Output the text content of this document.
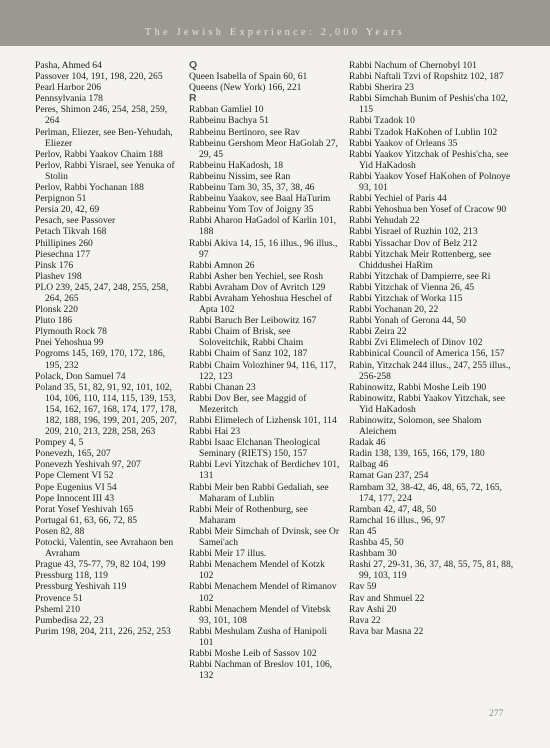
The Jewish Experience: 2,000 Years

Pasha, Ahmed 64

Passover 104, 191, 198, 220, 265

Pearl Harbor 206

Pennsylvania 178

Peres, Shimon 246, 254, 258, 259, 264

Perlman, Eliezer, see Ben-Yehudah, Eliezer

Perlov, Rabbi Yaakov Chaim 188

Perlov, Rabbi Yisrael, see Yenuka of Stolin

Perlov, Rabbi Yochanan 188

Perpignon 51

Persia 20, 42, 69

Pesach, see Passover

Petach Tikvah 168

Phillipines 260

Piesechna 177

Pinsk 176

Plashev 198

PLO 239, 245, 247, 248, 255, 258, 264, 265

Plonsk 220

Pluto 186

Plymouth Rock 78

Pnei Yehoshua 99

Pogroms 145, 169, 170, 172, 186, 195, 232

Polack, Don Samuel 74

Poland 35, 51, 82, 91, 92, 101, 102, 104, 106, 110, 114, 115, 139, 153, 154, 162, 167, 168, 174, 177, 178, 182, 188, 196, 199, 201, 205, 207, 209, 210, 213, 228, 258, 263

Pompey 4, 5

Ponevezh, 165, 207

Ponevezh Yeshivah 97, 207

Pope Clement VI 52

Pope Eugenius VI 54

Pope Innocent III 43

Porat Yosef Yeshivah 165

Portugal 61, 63, 66, 72, 85

Posen 82, 88

Potocki, Valentin, see Avrahaon ben Avraham

Prague 43, 75-77, 79, 82 104, 199

Pressburg 118, 119

Pressburg Yeshivah 119

Provence 51

Psheml 210

Pumbedisa 22, 23

Purim 198, 204, 211, 226, 252, 253

Q

Queen Isabella of Spain 60, 61

Queens (New York) 166, 221

R

Rabban Gamliel 10

Rabbeinu Bachya 51

Rabbeinu Bertinoro, see Rav

Rabbeinu Gershom Meor HaGolah 27, 29, 45

Rabbeinu HaKadosh, 18

Rabbeinu Nissim, see Ran

Rabbeinu Tam 30, 35, 37, 38, 46

Rabbeinu Yaakov, see Baal HaTurim

Rabbeinu Yom Tov of Joigny 35

Rabbi Aharon HaGadol of Karlin 101, 188

Rabbi Akiva 14, 15, 16 illus., 96 illus., 97

Rabbi Amnon 26

Rabbi Asher ben Yechiel, see Rosh

Rabbi Avraham Dov of Avritch 129

Rabbi Avraham Yehoshua Heschel of Apta 102

Rabbi Baruch Ber Leibowitz 167

Rabbi Chaim of Brisk, see Soloveitchik, Rabbi Chaim

Rabbi Chaim of Sanz 102, 187

Rabbi Chaim Volozhiner 94, 116, 117, 122, 123

Rabbi Chanan 23

Rabbi Dov Ber, see Maggid of Mezeritch

Rabbi Elimelech of Lizhensk 101, 114

Rabbi Hai 23

Rabbi Isaac Elchanan Theological Seminary (RIETS) 150, 157

Rabbi Levi Yitzchak of Berdichev 101, 131

Rabbi Meir ben Rabbi Gedaliah, see Maharam of Lublin

Rabbi Meir of Rothenburg, see Maharam

Rabbi Meir Simchah of Dvinsk, see Or Samei'ach

Rabbi Meir 17 illus.

Rabbi Menachem Mendel of Kotzk 102

Rabbi Menachem Mendel of Rimanov 102

Rabbi Menachem Mendel of Vitebsk 93, 101, 108

Rabbi Meshulam Zusha of Hanipoli 101

Rabbi Moshe Leib of Sassov 102

Rabbi Nachman of Breslov 101, 106, 132

Rabbi Nachum of Chernobyl 101

Rabbi Naftali Tzvi of Ropshitz 102, 187

Rabbi Sherira 23

Rabbi Simchah Bunim of Peshis'cha 102, 115

Rabbi Tzadok 10

Rabbi Tzadok HaKohen of Lublin 102

Rabbi Yaakov of Orleans 35

Rabbi Yaakov Yitzchak of Peshis'cha, see Yid HaKadosh

Rabbi Yaakov Yosef HaKohen of Polnoye 93, 101

Rabbi Yechiel of Paris 44

Rabbi Yehoshua ben Yosef of Cracow 90

Rabbi Yehudah 22

Rabbi Yisrael of Ruzhin 102, 213

Rabbi Yissachar Dov of Belz 212

Rabbi Yitzchak Meir Rottenberg, see Chiddushei HaRim

Rabbi Yitzchak of Dampierre, see Ri

Rabbi Yitzchak of Vienna 26, 45

Rabbi Yitzchak of Worka 115

Rabbi Yochanan 20, 22

Rabbi Yonah of Gerona 44, 50

Rabbi Zeira 22

Rabbi Zvi Elimelech of Dinov 102

Rabbinical Council of America 156, 157

Rabin, Yitzchak 244 illus., 247, 255 illus., 256-258

Rabinowitz, Rabbi Moshe Leib 190

Rabinowitz, Rabbi Yaakov Yitzchak, see Yid HaKadosh

Rabinowitz, Solomon, see Shalom Aleichem

Radak 46

Radin 138, 139, 165, 166, 179, 180

Ralbag 46

Ramat Gan 237, 254

Rambam 32, 38-42, 46, 48, 65, 72, 165, 174, 177, 224

Ramban 42, 47, 48, 50

Ramchal 16 illus., 96, 97

Ran 45

Rashba 45, 50

Rashbam 30

Rashi 27, 29-31, 36, 37, 48, 55, 75, 81, 88, 99, 103, 119

Rav 59

Rav and Shmuel 22

Rav Ashi 20

Rava 22

Rava bar Masna 22

277
